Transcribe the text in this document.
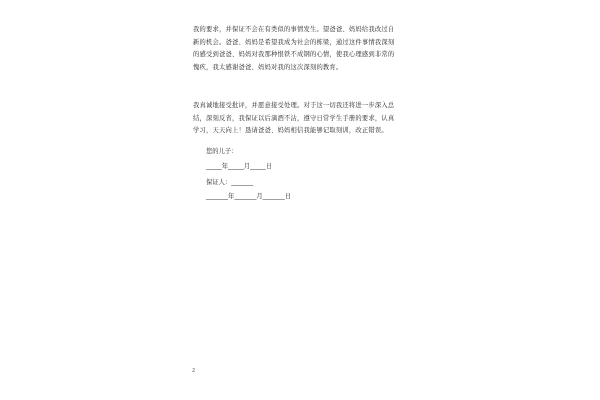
我的要求，并保证不会在有类似的事情发生。望爸爸、妈妈给我改过自
新的机会。爸爸、妈妈是希望我成为社会的栋梁，通过这件事情我深刻
的感受到爸爸、妈妈对我那种恨铁不成钢的心情，使我心理感到非常的
愧疚，我太感谢爸爸、妈妈对我的这次深刻的教育。
我真诚地接受批评，并愿意接受处理。对于这一切我还将进一步深入总
结，深刻反省，我保证以后滴酒不沾，遵守日常学生手册的要求，认真
学习，天天向上！恳请爸爸、妈妈相信我能够记取刻训，改正错误。
您的儿子：
_____年_____月_____日
保证人：_______
_______年_______月_______日
2
